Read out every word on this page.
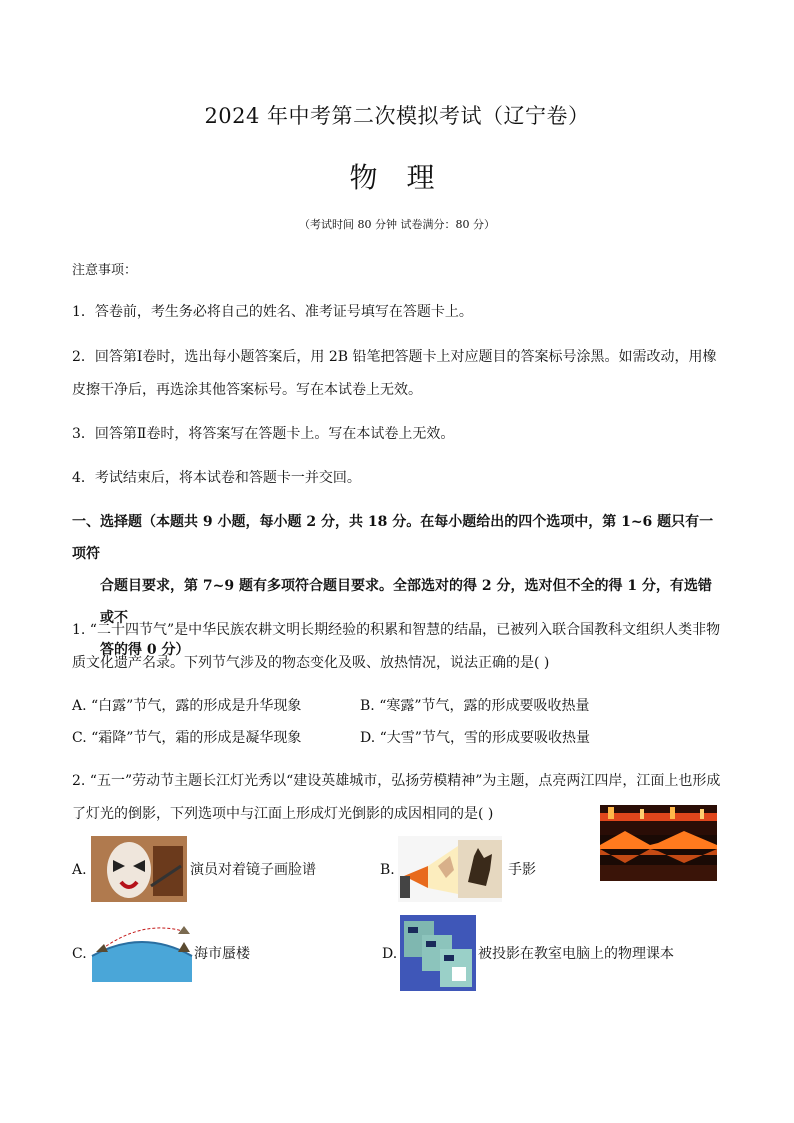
2024 年中考第二次模拟考试（辽宁卷）
物 理
（考试时间 80 分钟 试卷满分：80 分）
注意事项：
1．答卷前，考生务必将自己的姓名、准考证号填写在答题卡上。
2．回答第Ⅰ卷时，选出每小题答案后，用 2B 铅笔把答题卡上对应题目的答案标号涂黑。如需改动，用橡皮擦干净后，再选涂其他答案标号。写在本试卷上无效。
3．回答第Ⅱ卷时，将答案写在答题卡上。写在本试卷上无效。
4．考试结束后，将本试卷和答题卡一并交回。
一、选择题（本题共 9 小题，每小题 2 分，共 18 分。在每小题给出的四个选项中，第 1~6 题只有一项符
合题目要求，第 7~9 题有多项符合题目要求。全部选对的得 2 分，选对但不全的得 1 分，有选错或不
答的得 0 分）
1. “二十四节气”是中华民族农耕文明长期经验的积累和智慧的结晶，已被列入联合国教科文组织人类非物质文化遗产名录。下列节气涉及的物态变化及吸、放热情况，说法正确的是( )
A. “白露”节气，露的形成是升华现象	B. “寒露”节气，露的形成要吸收热量
C. “霜降”节气，霜的形成是凝华现象	D. “大雪”节气，雪的形成要吸收热量
2. “五一”劳动节主题长江灯光秀以“建设英雄城市，弘扬劳模精神”为主题，点亮两江四岸，江面上也形成了灯光的倒影，下列选项中与江面上形成灯光倒影的成因相同的是( )
A.	演员对着镜子画脸谱	B.	手影
C.	海市蜃楼	D.	被投影在教室电脑上的物理课本
